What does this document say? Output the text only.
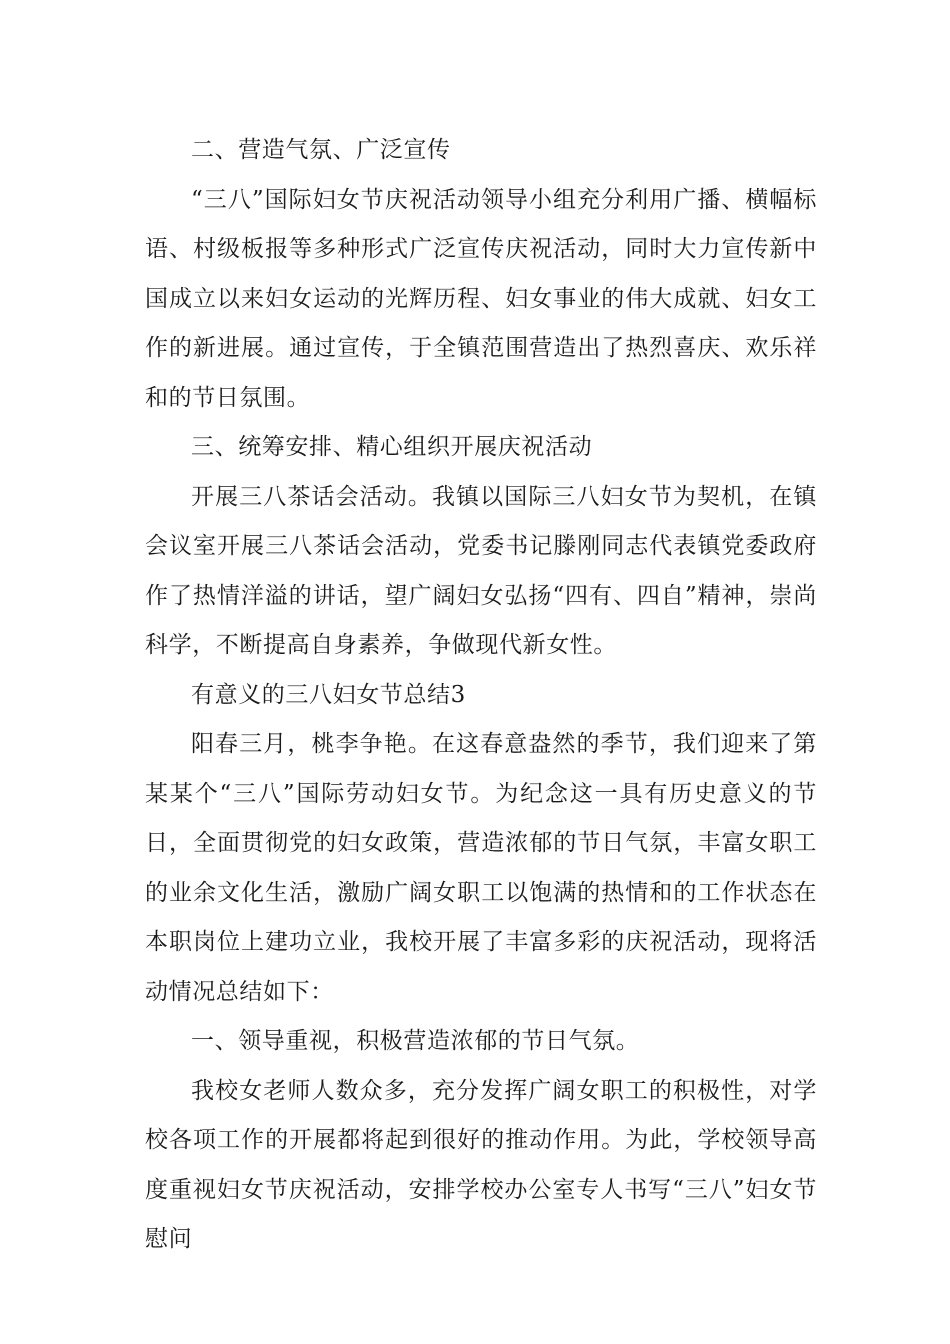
二、营造气氛、广泛宣传

“三八”国际妇女节庆祝活动领导小组充分利用广播、横幅标语、村级板报等多种形式广泛宣传庆祝活动，同时大力宣传新中国成立以来妇女运动的光辉历程、妇女事业的伟大成就、妇女工作的新进展。通过宣传，于全镇范围营造出了热烈喜庆、欢乐祥和的节日氛围。

三、统筹安排、精心组织开展庆祝活动

开展三八茶话会活动。我镇以国际三八妇女节为契机，在镇会议室开展三八茶话会活动，党委书记滕刚同志代表镇党委政府作了热情洋溢的讲话，望广阔妇女弘扬“四有、四自”精神，崇尚科学，不断提高自身素养，争做现代新女性。

有意义的三八妇女节总结3

阳春三月，桃李争艳。在这春意盎然的季节，我们迎来了第某某个“三八”国际劳动妇女节。为纪念这一具有历史意义的节日，全面贯彻党的妇女政策，营造浓郁的节日气氛，丰富女职工的业余文化生活，激励广阔女职工以饱满的热情和的工作状态在本职岗位上建功立业，我校开展了丰富多彩的庆祝活动，现将活动情况总结如下：

一、领导重视，积极营造浓郁的节日气氛。

我校女老师人数众多，充分发挥广阔女职工的积极性，对学校各项工作的开展都将起到很好的推动作用。为此，学校领导高度重视妇女节庆祝活动，安排学校办公室专人书写“三八”妇女节慰问
